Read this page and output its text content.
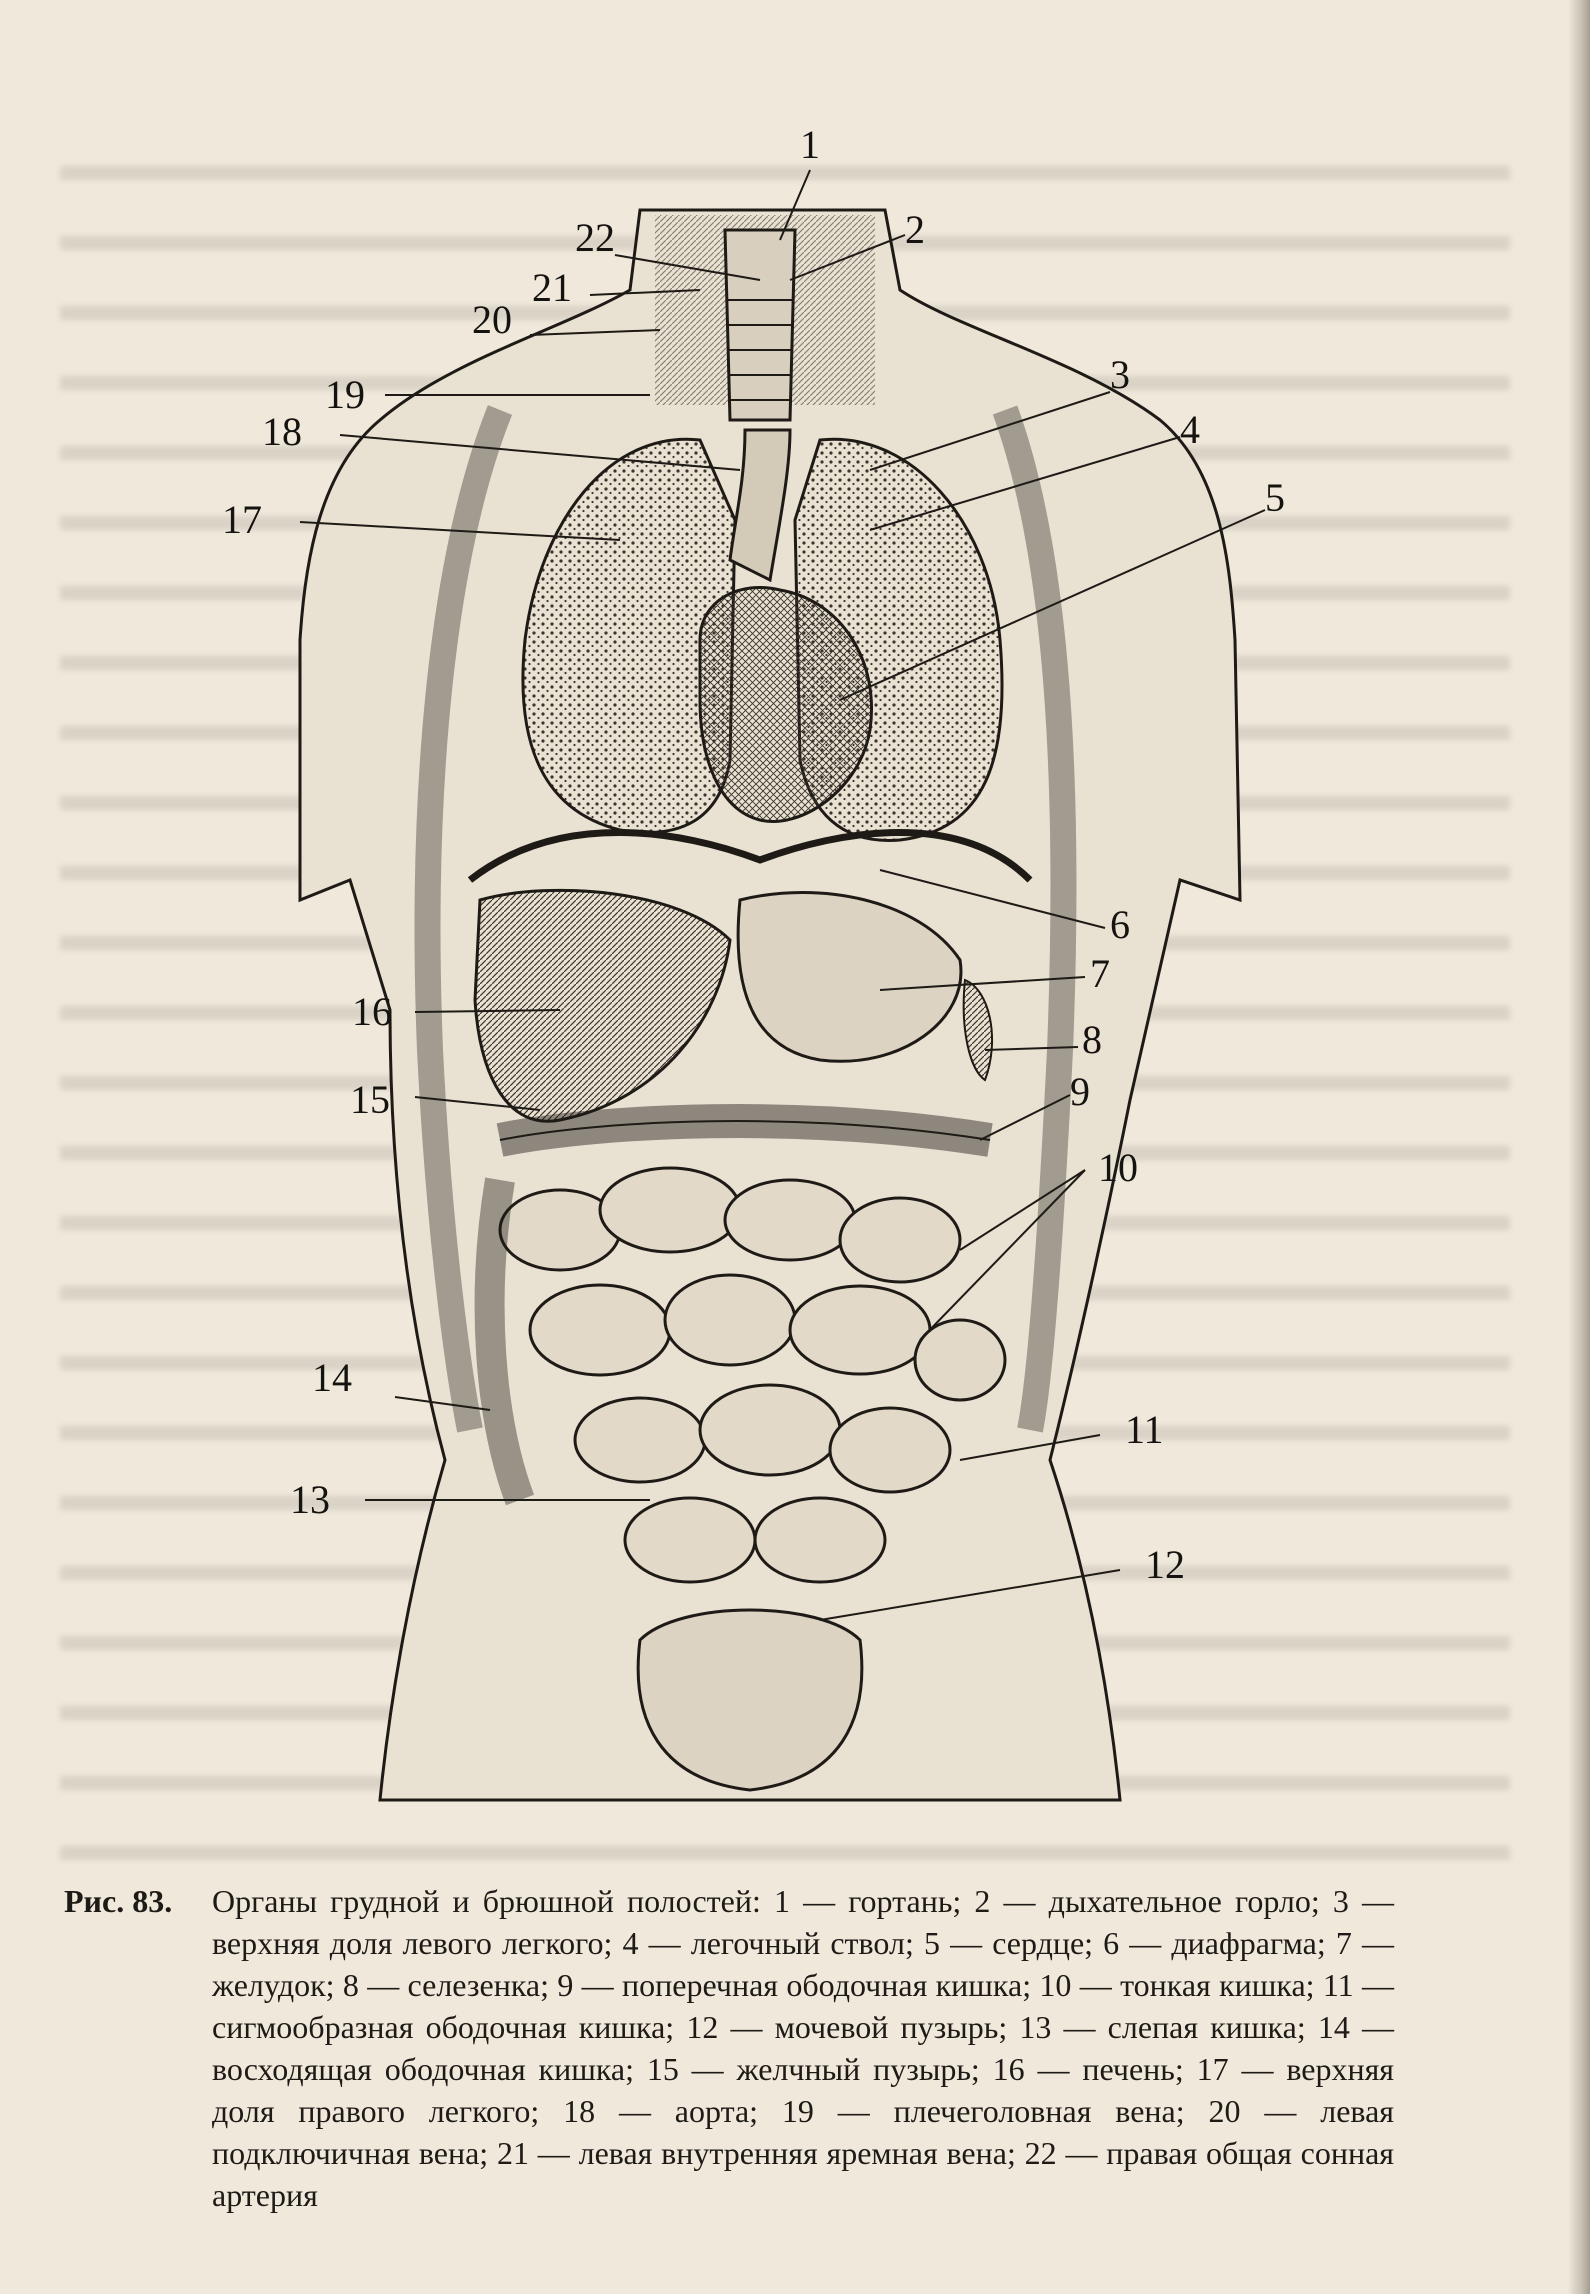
1
2
3
4
5
6
7
8
9
10
11
12
13
14
15
16
17
18
19
20
21
22
Рис. 83.	Органы грудной и брюшной полостей: 1 — гортань; 2 — дыхательное горло; 3 — верхняя доля левого легкого; 4 — легочный ствол; 5 — сердце; 6 — диафрагма; 7 — желудок; 8 — селезенка; 9 — поперечная ободочная кишка; 10 — тонкая кишка; 11 — сигмообразная ободочная кишка; 12 — мочевой пузырь; 13 — слепая кишка; 14 — восходящая ободочная кишка; 15 — желчный пузырь; 16 — печень; 17 — верхняя доля правого легкого; 18 — аорта; 19 — плечеголовная вена; 20 — левая подключичная вена; 21 — левая внутренняя яремная вена; 22 — правая общая сонная артерия
